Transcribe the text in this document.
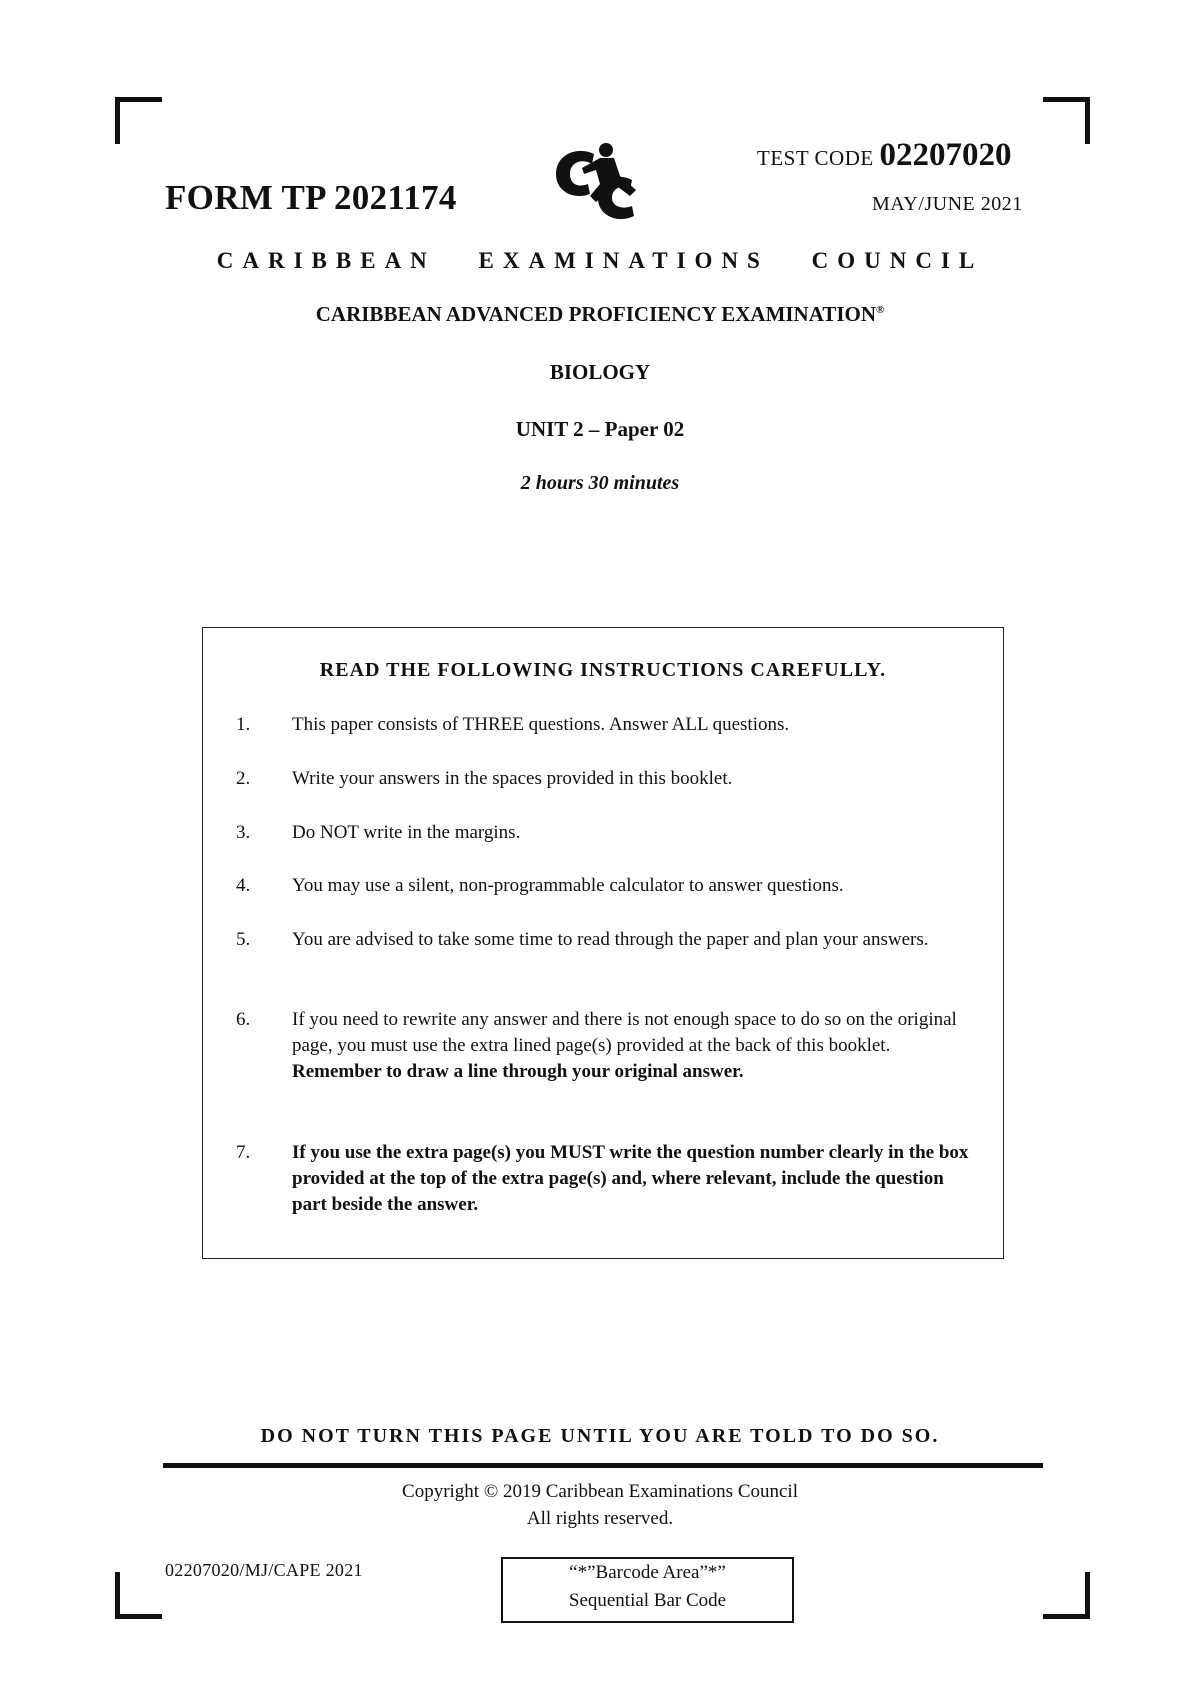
FORM TP 2021174
TEST CODE 02207020
MAY/JUNE 2021
CARIBBEAN EXAMINATIONS COUNCIL
CARIBBEAN ADVANCED PROFICIENCY EXAMINATION®
BIOLOGY
UNIT 2 – Paper 02
2 hours 30 minutes
READ THE FOLLOWING INSTRUCTIONS CAREFULLY.
1.	This paper consists of THREE questions. Answer ALL questions.
2.	Write your answers in the spaces provided in this booklet.
3.	Do NOT write in the margins.
4.	You may use a silent, non-programmable calculator to answer questions.
5.	You are advised to take some time to read through the paper and plan your answers.
6.	If you need to rewrite any answer and there is not enough space to do so on the original page, you must use the extra lined page(s) provided at the back of this booklet.  Remember to draw a line through your original answer.
7.	If you use the extra page(s) you MUST write the question number clearly in the box provided at the top of the extra page(s) and, where relevant, include the question part beside the answer.
DO NOT TURN THIS PAGE UNTIL YOU ARE TOLD TO DO SO.
Copyright © 2019 Caribbean Examinations Council
All rights reserved.
02207020/MJ/CAPE 2021	“*”Barcode Area”*”
Sequential Bar Code
